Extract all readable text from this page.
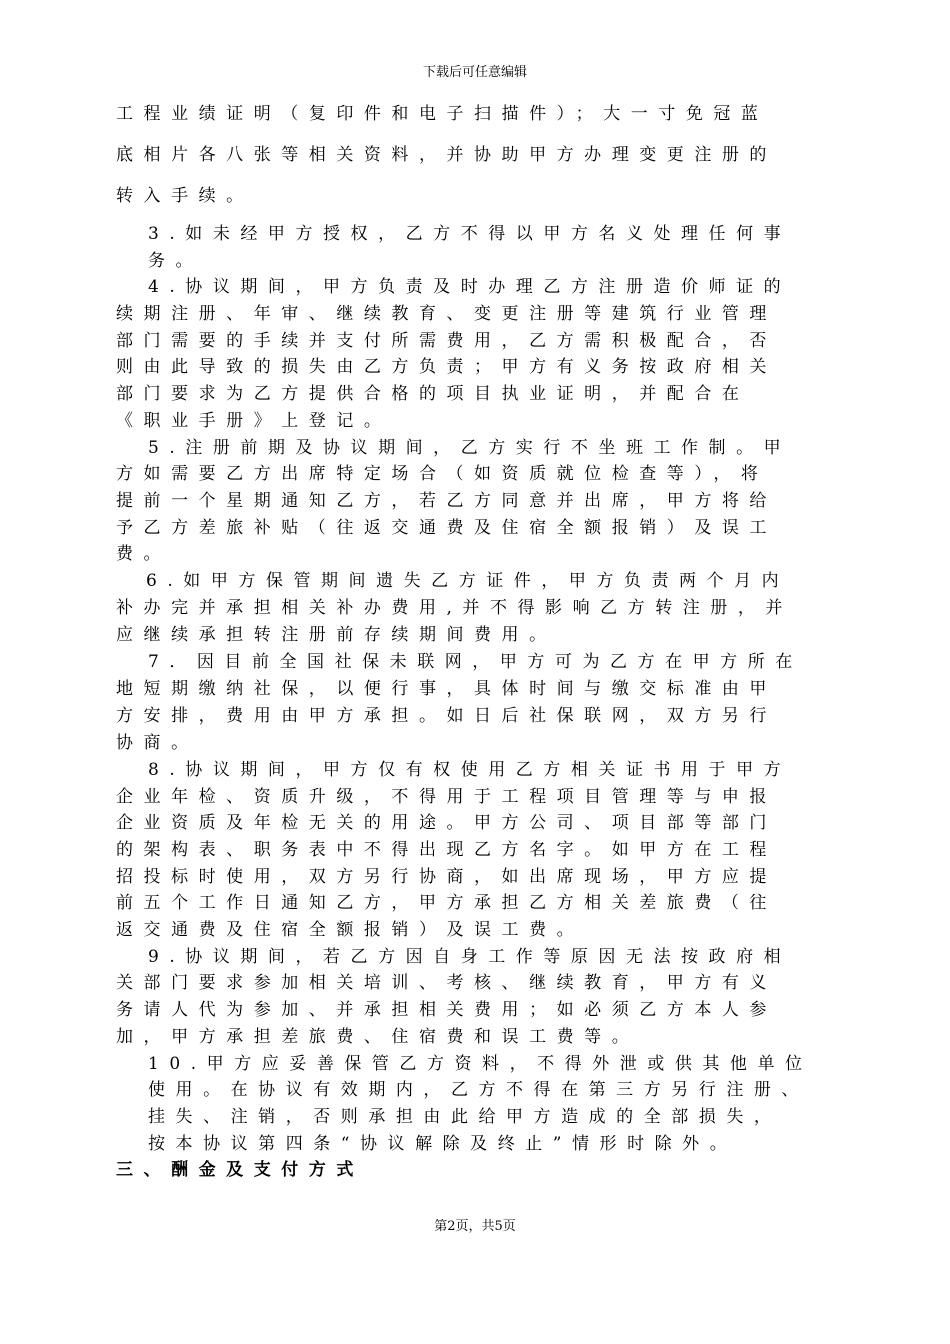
下载后可任意编辑
工程业绩证明（复印件和电子扫描件）；大一寸免冠蓝
底相片各八张等相关资料，并协助甲方办理变更注册的
转入手续。
3.如未经甲方授权，乙方不得以甲方名义处理任何事
务。
4.协议期间，甲方负责及时办理乙方注册造价师证的
续期注册、年审、继续教育、变更注册等建筑行业管理
部门需要的手续并支付所需费用，乙方需积极配合，否
则由此导致的损失由乙方负责；甲方有义务按政府相关
部门要求为乙方提供合格的项目执业证明，并配合在
《职业手册》上登记。
5.注册前期及协议期间，乙方实行不坐班工作制。甲
方如需要乙方出席特定场合（如资质就位检查等），将
提前一个星期通知乙方，若乙方同意并出席，甲方将给
予乙方差旅补贴（往返交通费及住宿全额报销）及误工
费。
6.如甲方保管期间遗失乙方证件，甲方负责两个月内
补办完并承担相关补办费用,并不得影响乙方转注册，并
应继续承担转注册前存续期间费用。
7．因目前全国社保未联网，甲方可为乙方在甲方所在
地短期缴纳社保，以便行事，具体时间与缴交标准由甲
方安排，费用由甲方承担。如日后社保联网，双方另行
协商。
8.协议期间，甲方仅有权使用乙方相关证书用于甲方
企业年检、资质升级，不得用于工程项目管理等与申报
企业资质及年检无关的用途。甲方公司、项目部等部门
的架构表、职务表中不得出现乙方名字。如甲方在工程
招投标时使用，双方另行协商，如出席现场，甲方应提
前五个工作日通知乙方，甲方承担乙方相关差旅费（往
返交通费及住宿全额报销）及误工费。
9.协议期间，若乙方因自身工作等原因无法按政府相
关部门要求参加相关培训、考核、继续教育，甲方有义
务请人代为参加、并承担相关费用；如必须乙方本人参
加，甲方承担差旅费、住宿费和误工费等。
10.甲方应妥善保管乙方资料，不得外泄或供其他单位
使用。在协议有效期内，乙方不得在第三方另行注册、
挂失、注销，否则承担由此给甲方造成的全部损失，
按本协议第四条“协议解除及终止”情形时除外。
三、酬金及支付方式
第2页，共5页
